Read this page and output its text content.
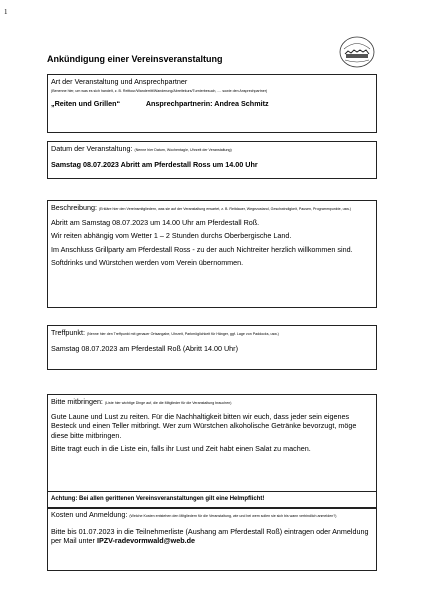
1
Ankündigung einer Vereinsveranstaltung
Art der Veranstaltung und Ansprechpartner
(Benenne hier, um was es sich handelt, z. B. Reittour/Wanderritt/Wanderung/Abreitekurs/Turnierbesuch, .... sowie den Ansprechpartner)
„Reiten und Grillen“	Ansprechpartnerin: Andrea Schmitz
Datum der Veranstaltung: (Nenne hier Datum, Wochentag/e, Uhrzeit der Veranstaltung)
Samstag 08.07.2023 Abritt am Pferdestall Ross um 14.00 Uhr
Beschreibung: (Erkläre hier den Vereinsmitgliedern, was sie auf der Veranstaltung erwartet, z. B. Reitdauer, Wegezustand, Geschwindigkeit, Pausen, Programmpunkte, usw.)

Abritt am Samstag 08.07.2023 um 14.00 Uhr am Pferdestall Roß.

Wir reiten abhängig vom Wetter 1 – 2 Stunden durchs Oberbergische Land.

Im Anschluss Grillparty am Pferdestall Ross - zu der auch Nichtreiter herzlich willkommen sind.

Softdrinks und Würstchen werden vom Verein übernommen.

Treffpunkt: (Nenne hier den Treffpunkt mit genauer Ortsangabe, Uhrzeit, Parkmöglichkeit für Hänger, ggf. Lage von Paddocks, usw.)

Samstag 08.07.2023 am Pferdestall Roß (Abritt 14.00 Uhr)

Bitte mitbringen: (Liste hier wichtige Dinge auf, die die Mitglieder für die Veranstaltung brauchen)

Gute Laune und Lust zu reiten. Für die Nachhaltigkeit bitten wir euch, dass jeder sein eigenes Besteck und einen Teller mitbringt. Wer zum Würstchen alkoholische Getränke bevorzugt, möge diese bitte mitbringen.

Bitte tragt euch in die Liste ein, falls ihr Lust und Zeit habt einen Salat zu machen.

Achtung: Bei allen gerittenen Vereinsveranstaltungen gilt eine Helmpflicht!
Kosten und Anmeldung: (Welche Kosten entstehen den Mitgliedern für die Veranstaltung, wie und bei wem sollen sie sich bis wann verbindlich anmelden?)

Bitte bis 01.07.2023 in die Teilnehmerliste (Aushang am Pferdestall Roß) eintragen oder Anmeldung per Mail unter IPZV-radevormwald@web.de
